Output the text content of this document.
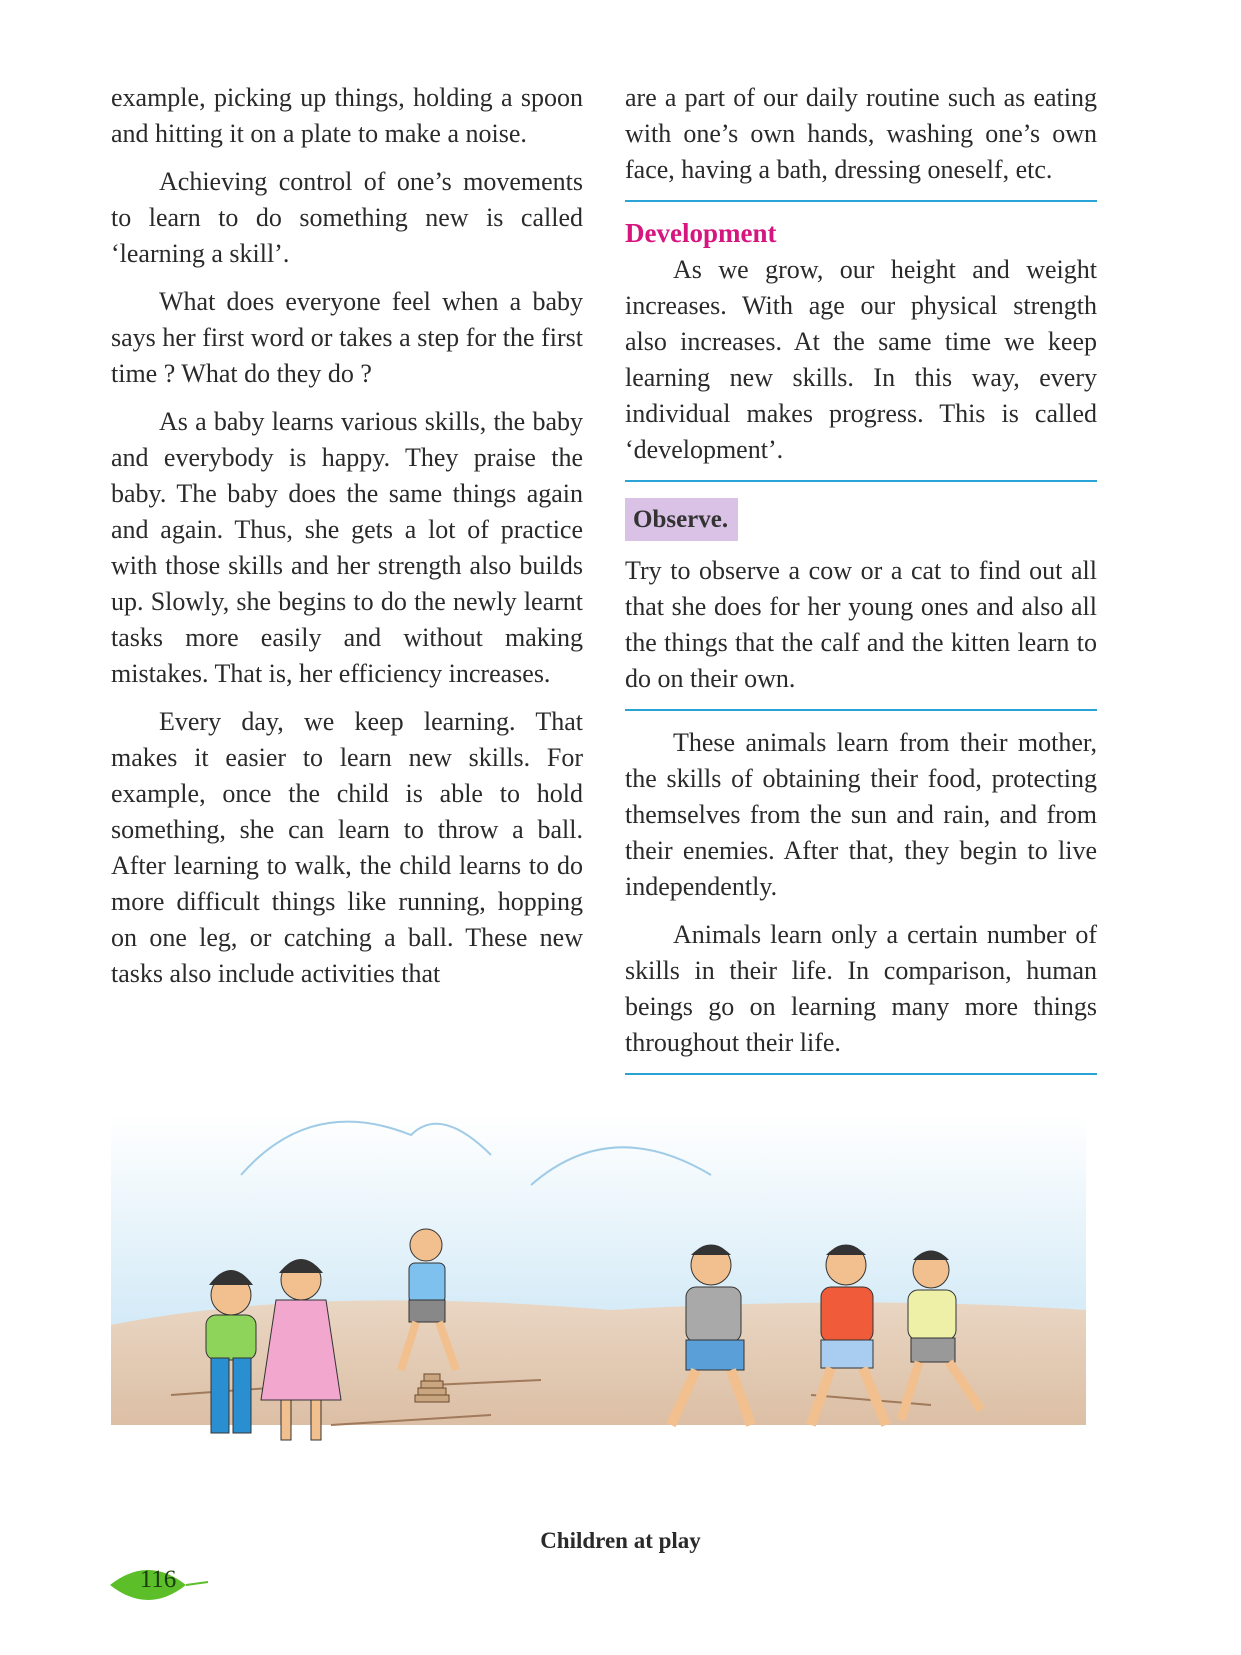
example, picking up things, holding a spoon and hitting it on a plate to make a noise.

Achieving control of one’s movements to learn to do something new is called ‘learning a skill’.

What does everyone feel when a baby says her first word or takes a step for the first time ? What do they do ?

As a baby learns various skills, the baby and everybody is happy. They praise the baby. The baby does the same things again and again. Thus, she gets a lot of practice with those skills and her strength also builds up. Slowly, she begins to do the newly learnt tasks more easily and without making mistakes. That is, her efficiency increases.

Every day, we keep learning. That makes it easier to learn new skills. For example, once the child is able to hold something, she can learn to throw a ball. After learning to walk, the child learns to do more difficult things like running, hopping on one leg, or catching a ball. These new tasks also include activities that

are a part of our daily routine such as eating with one’s own hands, washing one’s own face, having a bath, dressing oneself, etc.

Development

As we grow, our height and weight increases. With age our physical strength also increases. At the same time we keep learning new skills. In this way, every individual makes progress. This is called ‘development’.

Observe.

Try to observe a cow or a cat to find out all that she does for her young ones and also all the things that the calf and the kitten learn to do on their own.

These animals learn from their mother, the skills of obtaining their food, protecting themselves from the sun and rain, and from their enemies. After that, they begin to live independently.

Animals learn only a certain number of skills in their life. In comparison, human beings go on learning many more things throughout their life.

Children at play
116
